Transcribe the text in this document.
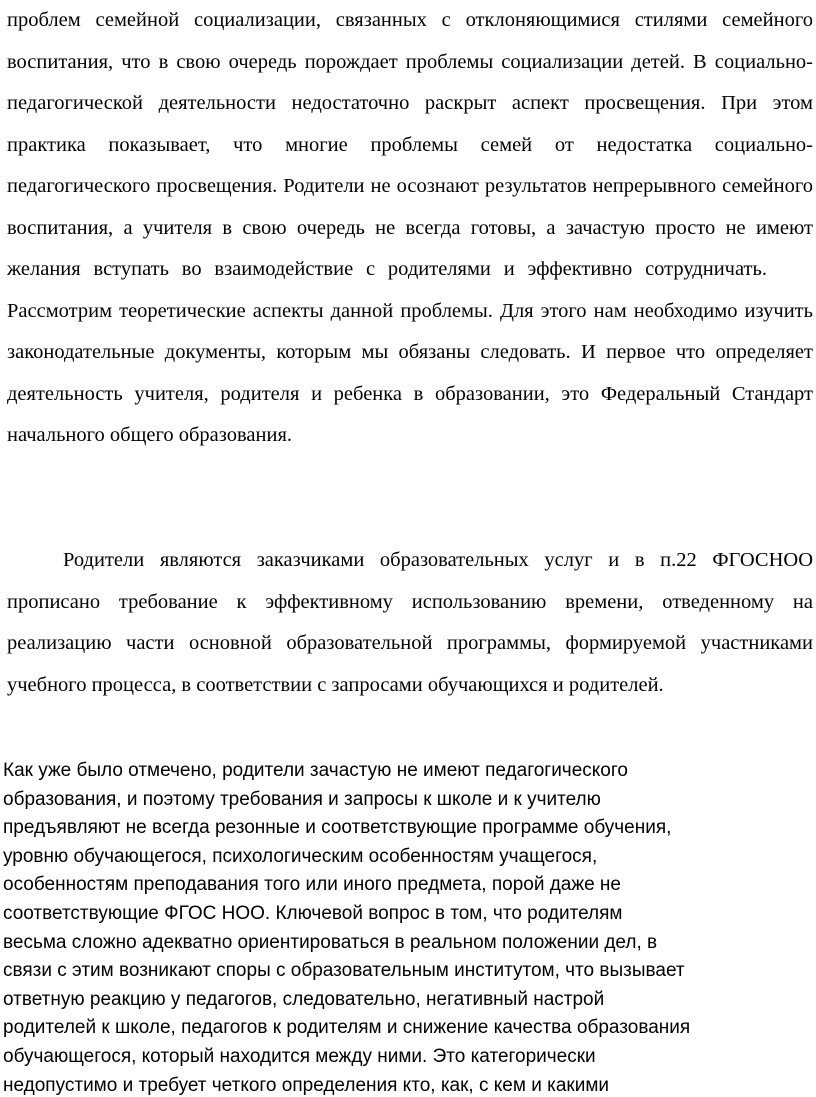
проблем семейной социализации, связанных с отклоняющимися стилями семейного воспитания, что в свою очередь порождает проблемы социализации детей. В социально-педагогической деятельности недостаточно раскрыт аспект просвещения. При этом практика показывает, что многие проблемы семей от недостатка социально-педагогического просвещения. Родители не осознают результатов непрерывного семейного воспитания, а учителя в свою очередь не всегда готовы, а зачастую просто не имеют желания вступать во взаимодействие с родителями и эффективно сотрудничать.Рассмотрим теоретические аспекты данной проблемы. Для этого нам необходимо изучить законодательные документы, которым мы обязаны следовать. И первое что определяет деятельность учителя, родителя и ребенка в образовании, это Федеральный Стандарт начального общего образования.

Родители являются заказчиками образовательных услуг и в п.22 ФГОСНОО прописано требование к эффективному использованию времени, отведенному на реализацию части основной образовательной программы, формируемой участниками учебного процесса, в соответствии с запросами обучающихся и родителей.

Как уже было отмечено, родители зачастую не имеют педагогического
образования, и поэтому требования и запросы к школе и к учителю
предъявляют не всегда резонные и соответствующие программе обучения,
уровню обучающегося, психологическим особенностям учащегося,
особенностям преподавания того или иного предмета, порой даже не
соответствующие ФГОС НОО. Ключевой вопрос в том, что родителям
весьма сложно адекватно ориентироваться в реальном положении дел, в
связи с этим возникают споры с образовательным институтом, что вызывает
ответную реакцию у педагогов, следовательно, негативный настрой
родителей к школе, педагогов к родителям и снижение качества образования
обучающегося, который находится между ними. Это категорически
недопустимо и требует четкого определения кто, как, с кем и какими
